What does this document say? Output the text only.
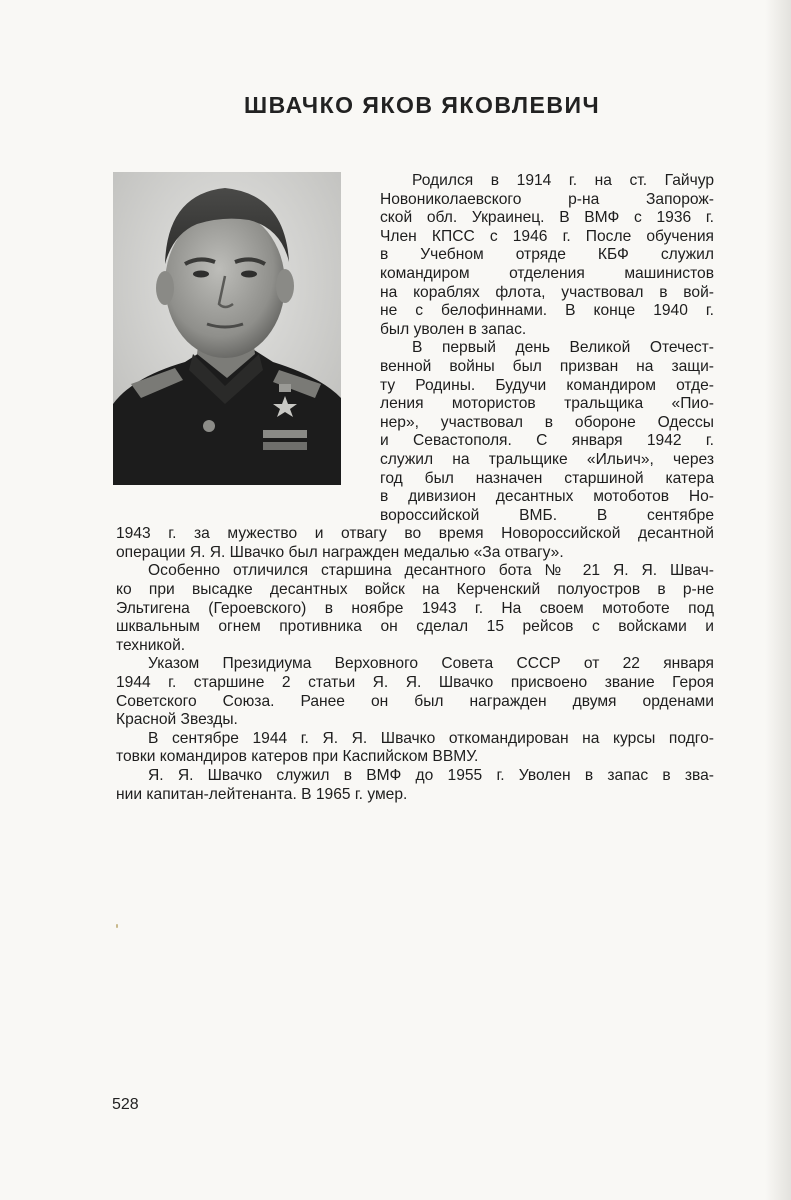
ШВАЧКО ЯКОВ ЯКОВЛЕВИЧ
Родился в 1914 г. на ст. Гайчур
Новониколаевского р-на Запорож-
ской обл. Украинец. В ВМФ с 1936 г.
Член КПСС с 1946 г. После обучения
в Учебном отряде КБФ служил
командиром отделения машинистов
на кораблях флота, участвовал в вой-
не с белофиннами. В конце 1940 г.
был уволен в запас.
В первый день Великой Отечест-
венной войны был призван на защи-
ту Родины. Будучи командиром отде-
ления мотористов тральщика «Пио-
нер», участвовал в обороне Одессы
и Севастополя. С января 1942 г.
служил на тральщике «Ильич», через
год был назначен старшиной катера
в дивизион десантных мотоботов Но-
вороссийской ВМБ. В сентябре
1943 г. за мужество и отвагу во время Новороссийской десантной
операции Я. Я. Швачко был награжден медалью «За отвагу».
Особенно отличился старшина десантного бота № 21 Я. Я. Швач-
ко при высадке десантных войск на Керченский полуостров в р-не
Эльтигена (Героевского) в ноябре 1943 г. На своем мотоботе под
шквальным огнем противника он сделал 15 рейсов с войсками и
техникой.
Указом Президиума Верховного Совета СССР от 22 января
1944 г. старшине 2 статьи Я. Я. Швачко присвоено звание Героя
Советского Союза. Ранее он был награжден двумя орденами
Красной Звезды.
В сентябре 1944 г. Я. Я. Швачко откомандирован на курсы подго-
товки командиров катеров при Каспийском ВВМУ.
Я. Я. Швачко служил в ВМФ до 1955 г. Уволен в запас в зва-
нии капитан-лейтенанта. В 1965 г. умер.
528
